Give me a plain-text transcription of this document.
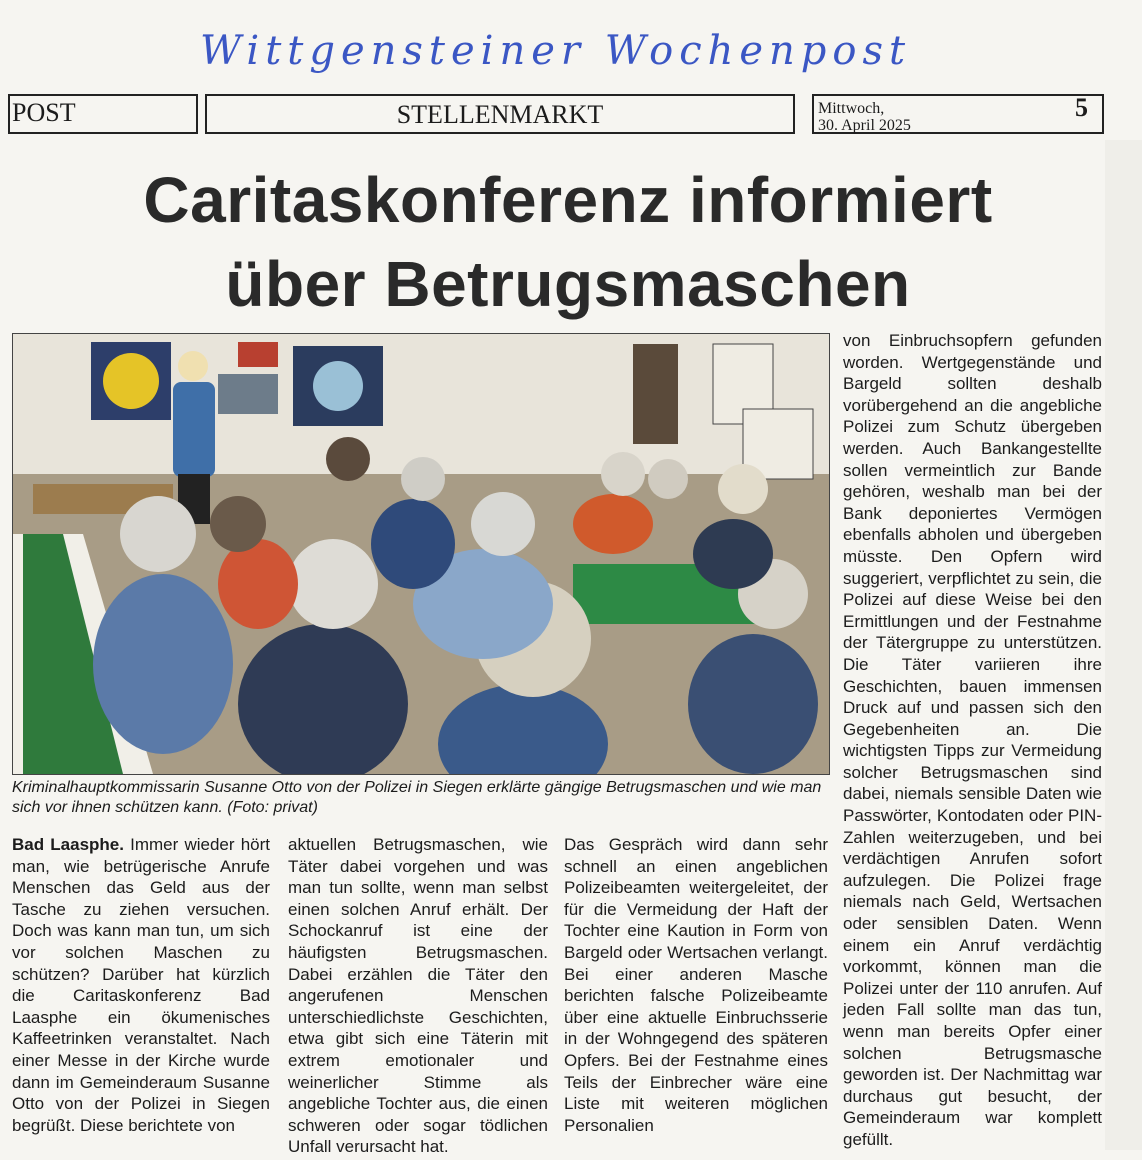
Wittgensteiner Wochenpost
POST	STELLENMARKT	Mittwoch,
30. April 2025
5
Caritaskonferenz informiert
über Betrugsmaschen
Kriminalhauptkommissarin Susanne Otto von der Polizei in Siegen erklärte gängige Betrugsmaschen und wie man sich vor ihnen schützen kann. (Foto: privat)
Bad Laasphe. Immer wieder hört man, wie betrügerische Anrufe Menschen das Geld aus der Tasche zu ziehen versuchen. Doch was kann man tun, um sich vor solchen Maschen zu schützen? Darüber hat kürzlich die Caritaskonferenz Bad Laasphe ein ökumenisches Kaffeetrinken veranstaltet. Nach einer Messe in der Kirche wurde dann im Gemeinderaum Susanne Otto von der Polizei in Siegen begrüßt. Diese berichtete von
aktuellen Betrugsmaschen, wie Täter dabei vorgehen und was man tun sollte, wenn man selbst einen solchen Anruf erhält. Der Schockanruf ist eine der häufigsten Betrugsmaschen. Dabei erzählen die Täter den angerufenen Menschen unterschiedlichste Geschichten, etwa gibt sich eine Täterin mit extrem emotionaler und weinerlicher Stimme als angebliche Tochter aus, die einen schweren oder sogar tödlichen Unfall verursacht hat.
Das Gespräch wird dann sehr schnell an einen angeblichen Polizeibeamten weitergeleitet, der für die Vermeidung der Haft der Tochter eine Kaution in Form von Bargeld oder Wertsachen verlangt. Bei einer anderen Masche berichten falsche Polizeibeamte über eine aktuelle Einbruchsserie in der Wohngegend des späteren Opfers. Bei der Festnahme eines Teils der Einbrecher wäre eine Liste mit weiteren möglichen Personalien
von Einbruchsopfern gefunden worden. Wertgegenstände und Bargeld sollten deshalb vorübergehend an die angebliche Polizei zum Schutz übergeben werden. Auch Bankangestellte sollen vermeintlich zur Bande gehören, weshalb man bei der Bank deponiertes Vermögen ebenfalls abholen und übergeben müsste. Den Opfern wird suggeriert, verpflichtet zu sein, die Polizei auf diese Weise bei den Ermittlungen und der Festnahme der Tätergruppe zu unterstützen. Die Täter variieren ihre Geschichten, bauen immensen Druck auf und passen sich den Gegebenheiten an. Die wichtigsten Tipps zur Vermeidung solcher Betrugsmaschen sind dabei, niemals sensible Daten wie Passwörter, Kontodaten oder PIN-Zahlen weiterzugeben, und bei verdächtigen Anrufen sofort aufzulegen. Die Polizei frage niemals nach Geld, Wertsachen oder sensiblen Daten. Wenn einem ein Anruf verdächtig vorkommt, können man die Polizei unter der 110 anrufen. Auf jeden Fall sollte man das tun, wenn man bereits Opfer einer solchen Betrugsmasche geworden ist. Der Nachmittag war durchaus gut besucht, der Gemeinderaum war komplett gefüllt.
